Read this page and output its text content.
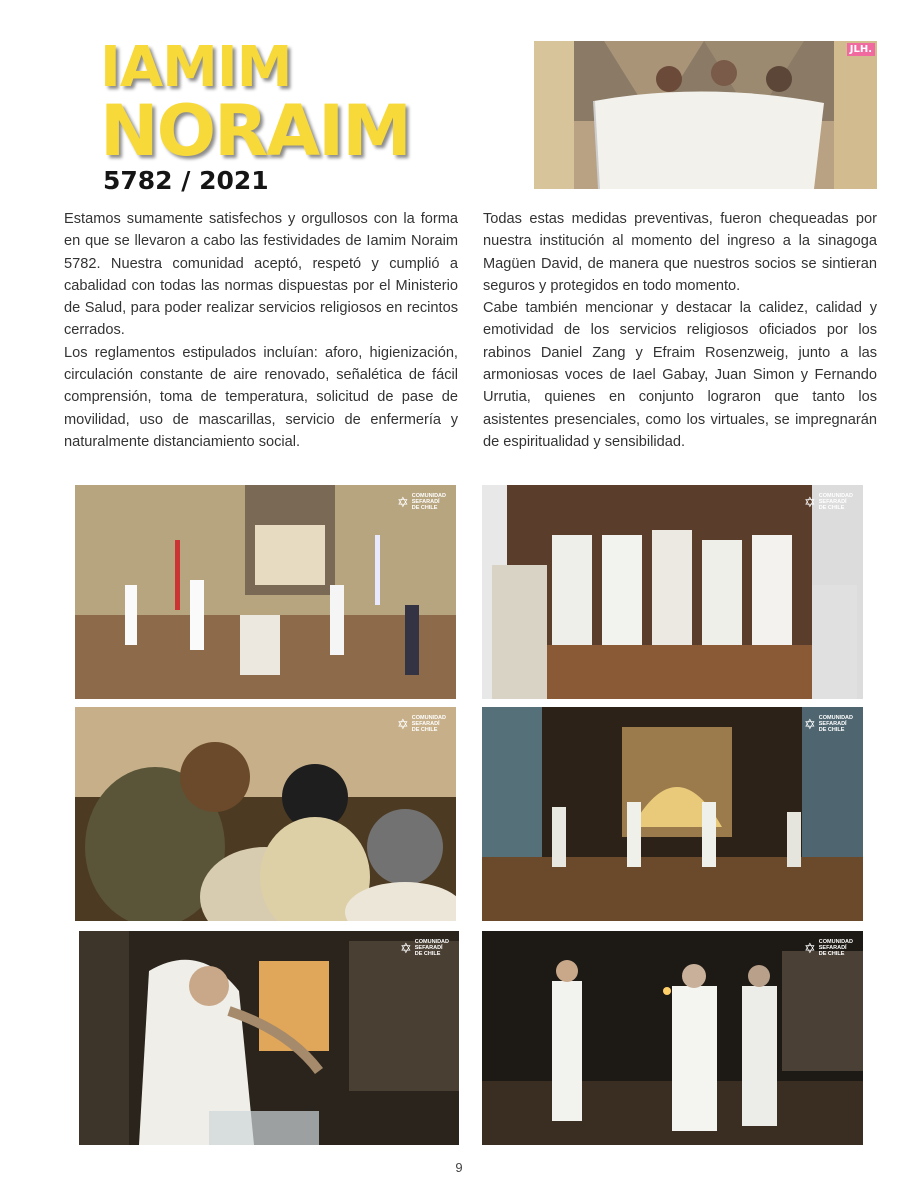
IAMIM
NORAIM
5782 / 2021
JLH.

Estamos sumamente satisfechos y orgullosos con la forma en que se llevaron a cabo las festividades de Iamim Noraim 5782. Nuestra comunidad aceptó, respetó y cumplió a cabalidad con todas las normas dispuestas por el Ministerio de Salud, para poder realizar servicios religiosos en recintos cerrados.

Los reglamentos estipulados incluían: aforo, higienización, circulación constante de aire renovado, señalética de fácil comprensión, toma de temperatura, solicitud de pase de movilidad, uso de mascarillas, servicio de enfermería y naturalmente distanciamiento social.

Todas estas medidas preventivas, fueron chequeadas por nuestra institución al momento del ingreso a la sinagoga Magüen David, de manera que nuestros socios se sintieran seguros y protegidos en todo momento.

Cabe también mencionar y destacar la calidez, calidad y emotividad de los servicios religiosos oficiados por los rabinos Daniel Zang y Efraim Rosenzweig, junto a las armoniosas voces de Iael Gabay, Juan Simon y Fernando Urrutia, quienes en conjunto lograron que tanto los asistentes presenciales, como los virtuales, se impregnarán de espiritualidad y sensibilidad.

✡ COMUNIDAD
SEFARADÍ
DE CHILE	✡ COMUNIDAD
SEFARADÍ
DE CHILE
✡ COMUNIDAD
SEFARADÍ
DE CHILE	✡ COMUNIDAD
SEFARADÍ
DE CHILE
✡ COMUNIDAD
SEFARADÍ
DE CHILE	✡ COMUNIDAD
SEFARADÍ
DE CHILE
9
